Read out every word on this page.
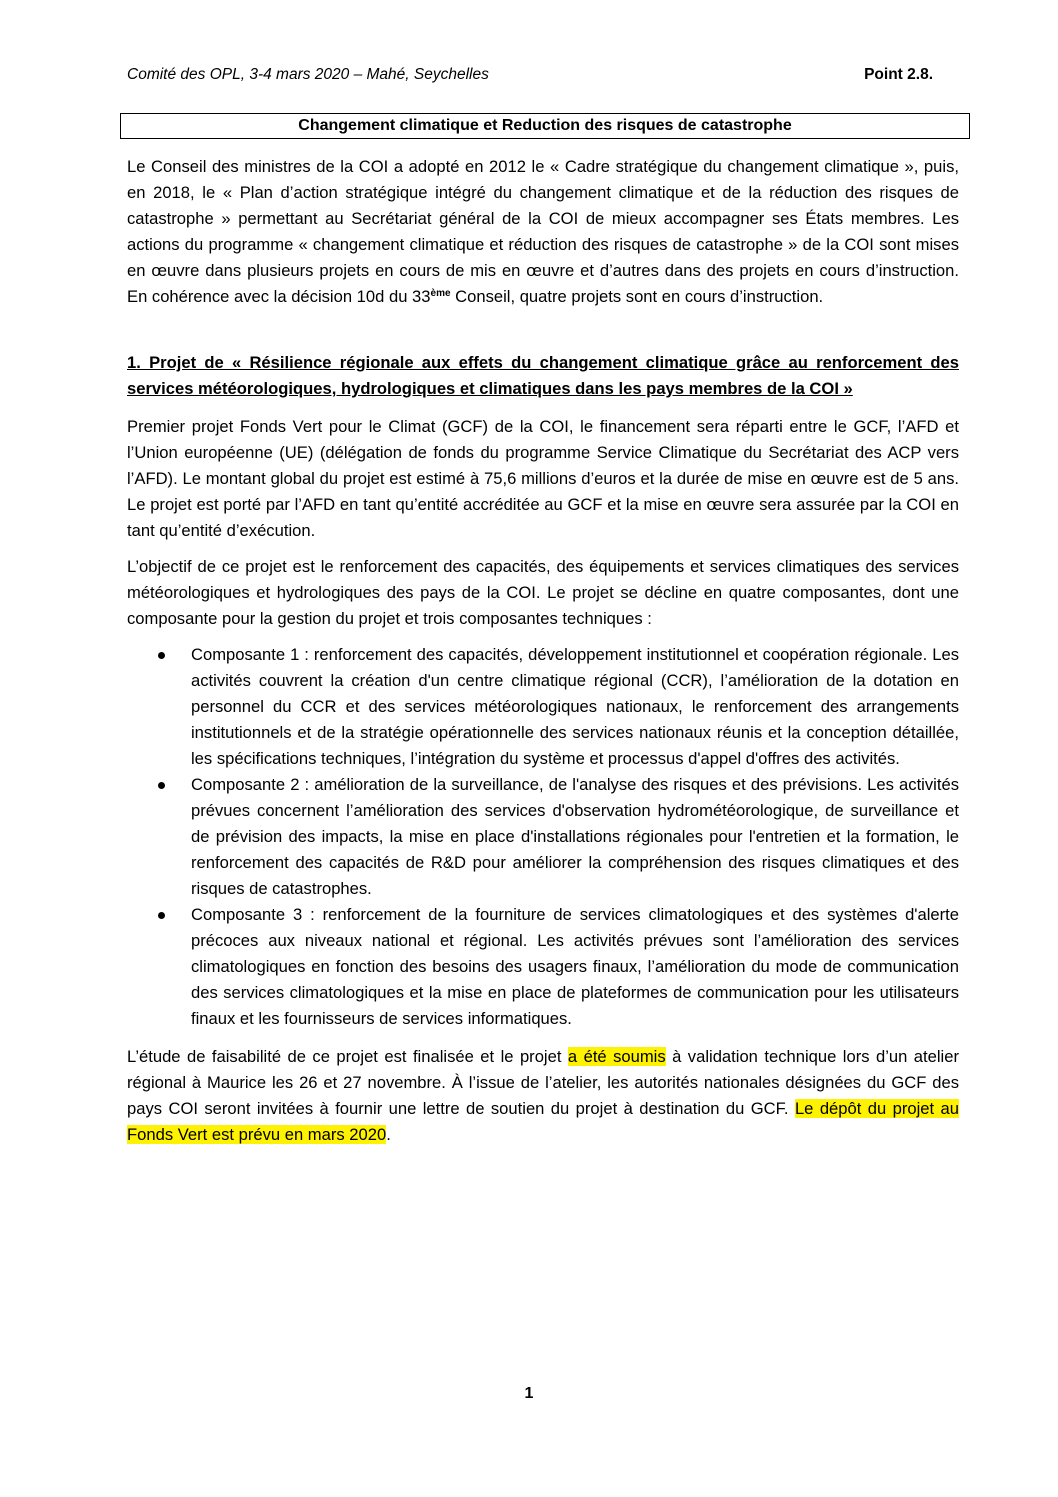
Comité des OPL, 3-4 mars 2020 – Mahé, Seychelles	Point 2.8.
Changement climatique et Reduction des risques de catastrophe

Le Conseil des ministres de la COI a adopté en 2012 le « Cadre stratégique du changement climatique », puis, en 2018, le « Plan d’action stratégique intégré du changement climatique et de la réduction des risques de catastrophe » permettant au Secrétariat général de la COI de mieux accompagner ses États membres. Les actions du programme « changement climatique et réduction des risques de catastrophe » de la COI sont mises en œuvre dans plusieurs projets en cours de mis en œuvre et d’autres dans des projets en cours d’instruction. En cohérence avec la décision 10d du 33ème Conseil, quatre projets sont en cours d’instruction.

1. Projet de « Résilience régionale aux effets du changement climatique grâce au renforcement des services météorologiques, hydrologiques et climatiques dans les pays membres de la COI »

Premier projet Fonds Vert pour le Climat (GCF) de la COI, le financement sera réparti entre le GCF, l’AFD et l’Union européenne (UE) (délégation de fonds du programme Service Climatique du Secrétariat des ACP vers l’AFD). Le montant global du projet est estimé à 75,6 millions d’euros et la durée de mise en œuvre est de 5 ans. Le projet est porté par l’AFD en tant qu’entité accréditée au GCF et la mise en œuvre sera assurée par la COI en tant qu’entité d’exécution.

L’objectif de ce projet est le renforcement des capacités, des équipements et services climatiques des services météorologiques et hydrologiques des pays de la COI. Le projet se décline en quatre composantes, dont une composante pour la gestion du projet et trois composantes techniques :

Composante 1 : renforcement des capacités, développement institutionnel et coopération régionale. Les activités couvrent la création d'un centre climatique régional (CCR), l’amélioration de la dotation en personnel du CCR et des services météorologiques nationaux, le renforcement des arrangements institutionnels et de la stratégie opérationnelle des services nationaux réunis et la conception détaillée, les spécifications techniques, l’intégration du système et processus d'appel d'offres des activités.
Composante 2 : amélioration de la surveillance, de l'analyse des risques et des prévisions. Les activités prévues concernent l’amélioration des services d'observation hydrométéorologique, de surveillance et de prévision des impacts, la mise en place d'installations régionales pour l'entretien et la formation, le renforcement des capacités de R&D pour améliorer la compréhension des risques climatiques et des risques de catastrophes.
Composante 3 : renforcement de la fourniture de services climatologiques et des systèmes d'alerte précoces aux niveaux national et régional. Les activités prévues sont l’amélioration des services climatologiques en fonction des besoins des usagers finaux, l’amélioration du mode de communication des services climatologiques et la mise en place de plateformes de communication pour les utilisateurs finaux et les fournisseurs de services informatiques.

L’étude de faisabilité de ce projet est finalisée et le projet a été soumis à validation technique lors d’un atelier régional à Maurice les 26 et 27 novembre. À l’issue de l’atelier, les autorités nationales désignées du GCF des pays COI seront invitées à fournir une lettre de soutien du projet à destination du GCF. Le dépôt du projet au Fonds Vert est prévu en mars 2020.

1
